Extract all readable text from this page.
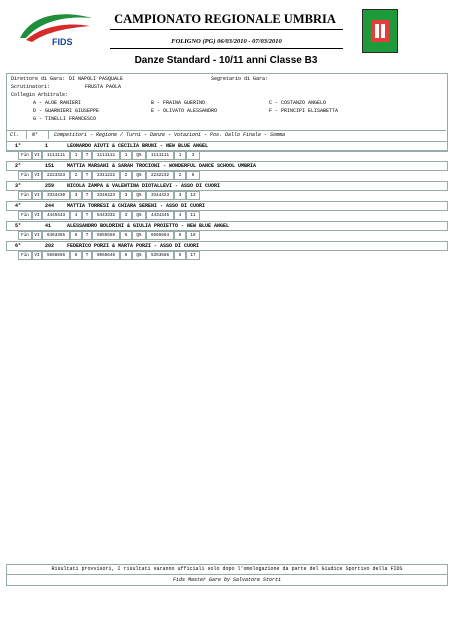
FIDS
CAMPIONATO REGIONALE UMBRIA
FOLIGNO (PG) 06/03/2010 - 07/03/2010
Danze Standard - 10/11 anni Classe B3
Direttore di Gara: DI NAPOLI PASQUALE	Segretario di Gara:
Scrutinatori:	FRUSTA PAOLA
Collegio Arbitrale:
A - ALOE RANIERI	B - FRAINA GUERINO	C - COSTANZO ANGELO
D - GUARNIERI GIUSEPPE	E - OLIVATO ALESSANDRO	F - PRINCIPI ELISABETTA
G - TINELLI FRANCESCO
Cl.	N°	Competitori - Regione / Turni - Danze - Votazioni - Pos. Dallo Finale - Somma
1°	1	LEONARDO AIUTI & CECILIA BRUNI - NEW BLUE ANGEL
Fin	VI	1111111	1	T	1111111	1	Q5	1111111	1	3
2°	151	MATTIA MARSANI & SARAH TROCIONI - WONDERFUL DANCE SCHOOL UMBRIA
Fin	VI	2223323	2	T	2311222	2	Q5	2232232	2	6
3°	259	NICOLA ZAMPA & VALENTINA DIOTALLEVI - ASSO DI CUORI
Fin	VI	3334430	3	T	3346423	3	Q5	3344423	3	13
4°	244	MATTIA TORRESI & CHIARA SERENI - ASSO DI CUORI
Fin	VI	4445443	4	T	5443332	3	Q5	4434345	4	11
5°	41	ALESSANDRO BOLDRINI & GIULIA PROIETTO - NEW BLUE ANGEL
Fin	VI	6463365	5	T	5655556	5	Q5	6565664	5	16
6°	202	FEDERICO PORZI & MARTA PORZI - ASSO DI CUORI
Fin	VI	5656656	6	T	6066646	6	Q5	5353566	5	17
Risultati provvisori, I risultati saranno ufficiali solo dopo l'omologazione da parte del Giudice Sportivo della FIDS
Fids Master Gare by Salvatore Storti
